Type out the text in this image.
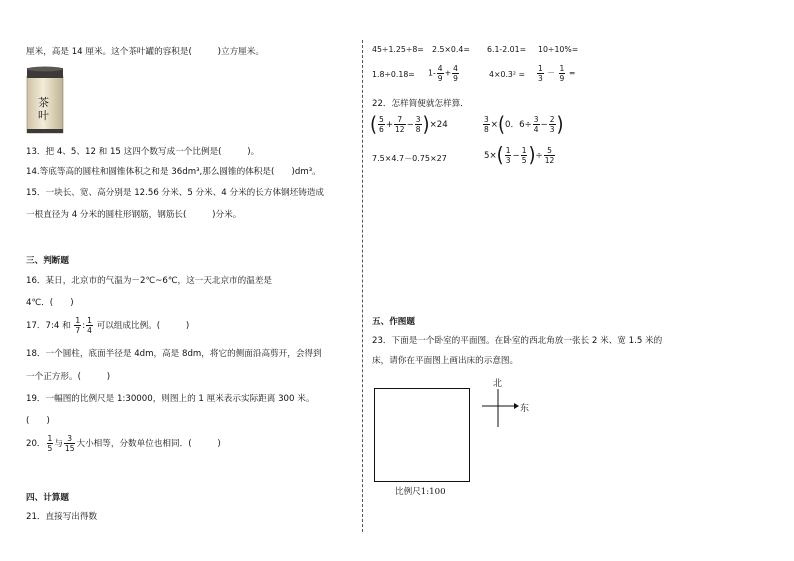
厘米，高是 14 厘米。这个茶叶罐的容积是(　　　)立方厘米。
茶
叶
13．把 4、5、12 和 15 这四个数写成一个比例是(　　　)。
14.等底等高的圆柱和圆锥体积之和是 36dm³,那么圆锥的体积是(　　)dm³。
15．一块长、宽、高分别是 12.56 分米、5 分米、4 分米的长方体钢坯铸造成
一根直径为 4 分米的圆柱形钢筋，钢筋长(　　　)分米。
三、判断题
16．某日，北京市的气温为－2℃~6℃，这一天北京市的温差是
4℃．(　　)
17．7:4 和 $\frac{1}{7}$ : $\frac{1}{4}$ 可以组成比例。(　　　)
18．一个圆柱，底面半径是 4dm，高是 8dm，将它的侧面沿高剪开，会得到
一个正方形。(　　　)
19．一幅图的比例尺是 1:30000，则图上的 1 厘米表示实际距离 300 米。
(　　)
20． $\frac{1}{5}$ 与 $\frac{3}{15}$ 大小相等，分数单位也相同．(　　　)
四、计算题
21．直接写出得数
45÷1.25÷8= 2.5×0.4= 6.1-2.01= 10÷10%=
$1.8\div 0.18= 1- \frac{4}{9} + \frac{4}{9}$	$4\times 0.3^2 = \frac{1}{3} - \frac{1}{9}$ =
22．怎样简便就怎样算．
( $\frac{5}{6} + \frac{7}{12} - \frac{3}{8} )\times 24$	$\frac{3}{8} \times(0$．$6\div \frac{3}{4} - \frac{2}{3}$ )
7.5×4.7－0.75×27	$5\times( \frac{1}{3} - \frac{1}{5}$ )÷ $\frac{5}{12}$
五、作图题
23．下面是一个卧室的平面图。在卧室的西北角放一张长 2 米、宽 1.5 米的
床，请你在平面图上画出床的示意图。
北
东
比例尺1:100
